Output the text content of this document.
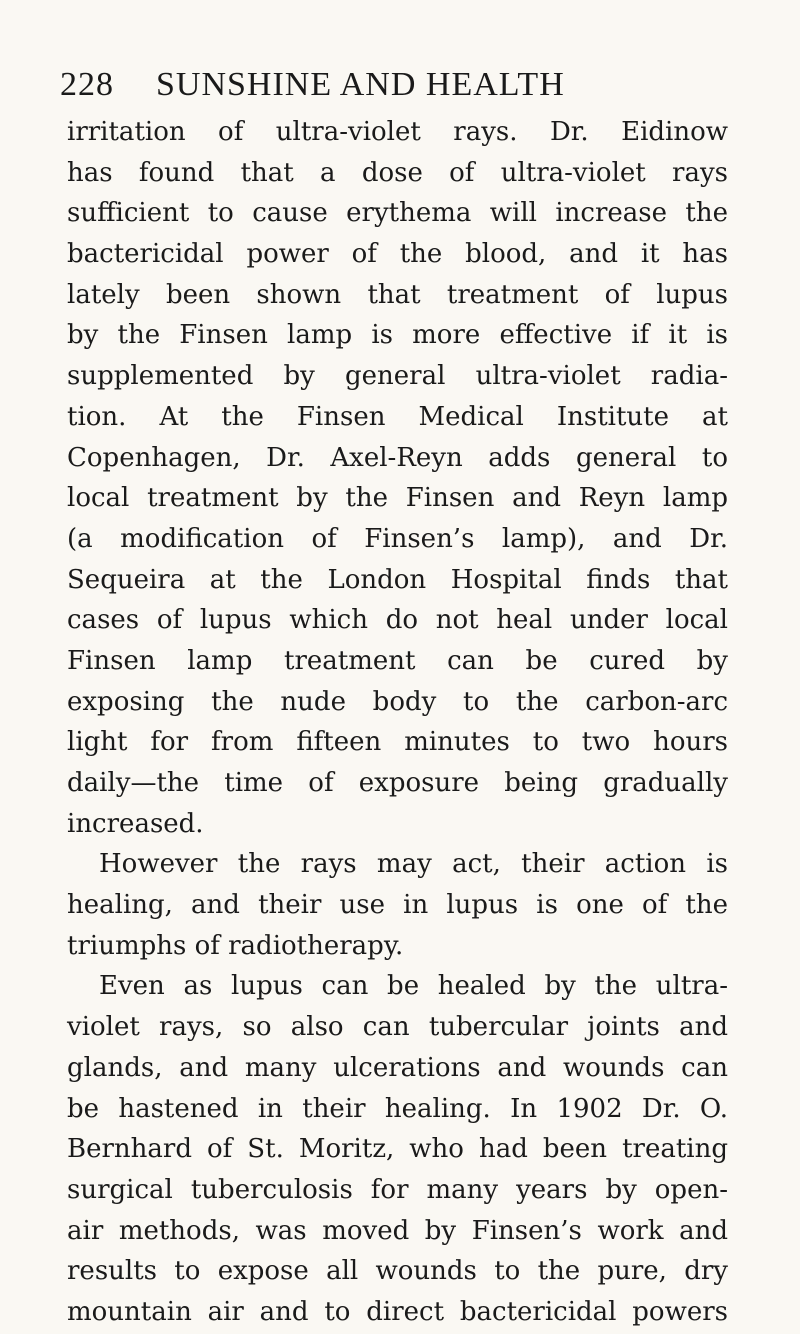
228 SUNSHINE AND HEALTH
irritation of ultra-violet rays. Dr. Eidinow
has found that a dose of ultra-violet rays
sufficient to cause erythema will increase the
bactericidal power of the blood, and it has
lately been shown that treatment of lupus
by the Finsen lamp is more effective if it is
supplemented by general ultra-violet radia-
tion. At the Finsen Medical Institute at
Copenhagen, Dr. Axel-Reyn adds general to
local treatment by the Finsen and Reyn lamp
(a modification of Finsen’s lamp), and Dr.
Sequeira at the London Hospital finds that
cases of lupus which do not heal under local
Finsen lamp treatment can be cured by
exposing the nude body to the carbon-arc
light for from fifteen minutes to two hours
daily—the time of exposure being gradually
increased.
However the rays may act, their action is
healing, and their use in lupus is one of the
triumphs of radiotherapy.
Even as lupus can be healed by the ultra-
violet rays, so also can tubercular joints and
glands, and many ulcerations and wounds can
be hastened in their healing. In 1902 Dr. O.
Bernhard of St. Moritz, who had been treating
surgical tuberculosis for many years by open-
air methods, was moved by Finsen’s work and
results to expose all wounds to the pure, dry
mountain air and to direct bactericidal powers
